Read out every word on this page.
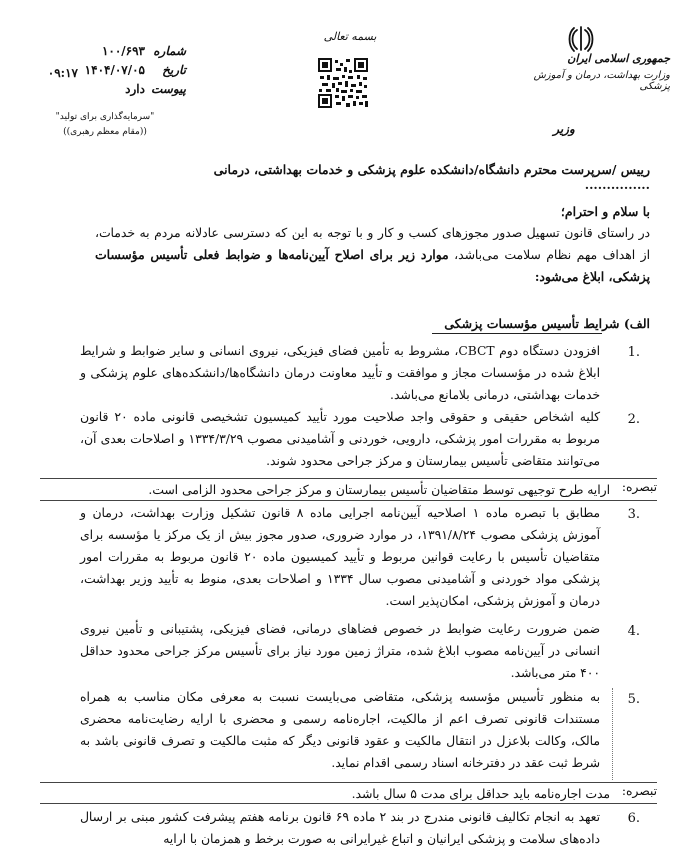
بسمه تعالی
جمهوری اسلامی ایران
وزارت بهداشت، درمان و آموزش پزشکی
وزیر
شماره
۱۰۰/۶۹۳
تاریخ
۱۴۰۴/۰۷/۰۵
۰۹:۱۷
پیوست
دارد
"سرمایه‌گذاری برای تولید"
((مقام معظم رهبری))
رییس /سرپرست محترم دانشگاه/دانشکده علوم پزشکی و خدمات بهداشتی، درمانی ...............
با سلام و احترام؛
در راستای قانون تسهیل صدور مجوزهای کسب و کار و با توجه به این که دسترسی عادلانه مردم به خدمات، از اهداف مهم نظام سلامت می‌باشد، موارد زیر برای اصلاح آیین‌نامه‌ها و ضوابط فعلی تأسیس مؤسسات پزشکی، ابلاغ می‌شود:
الف) شرایط تأسیس مؤسسات پزشکی
1.
افزودن دستگاه دوم CBCT، مشروط به تأمین فضای فیزیکی، نیروی انسانی و سایر ضوابط و شرایط ابلاغ شده در مؤسسات مجاز و موافقت و تأیید معاونت درمان دانشگاه‌ها/دانشکده‌های علوم پزشکی و خدمات بهداشتی، درمانی بلامانع می‌باشد.
2.
کلیه اشخاص حقیقی و حقوقی واجد صلاحیت مورد تأیید کمیسیون تشخیصی قانونی ماده ۲۰ قانون مربوط به مقررات امور پزشکی، دارویی، خوردنی و آشامیدنی مصوب ۱۳۳۴/۳/۲۹ و اصلاحات بعدی آن، می‌توانند متقاضی تأسیس بیمارستان و مرکز جراحی محدود شوند.
تبصره:
ارایه طرح توجیهی توسط متقاضیان تأسیس بیمارستان و مرکز جراحی محدود الزامی است.
3.
مطابق با تبصره ماده ۱ اصلاحیه آیین‌نامه اجرایی ماده ۸ قانون تشکیل وزارت بهداشت، درمان و آموزش پزشکی مصوب ۱۳۹۱/۸/۲۴، در موارد ضروری، صدور مجوز بیش از یک مرکز یا مؤسسه برای متقاضیان تأسیس با رعایت قوانین مربوط و تأیید کمیسیون ماده ۲۰ قانون مربوط به مقررات امور پزشکی مواد خوردنی و آشامیدنی مصوب سال ۱۳۳۴ و اصلاحات بعدی، منوط به تأیید وزیر بهداشت، درمان و آموزش پزشکی، امکان‌پذیر است.
4.
ضمن ضرورت رعایت ضوابط در خصوص فضاهای درمانی، فضای فیزیکی، پشتیبانی و تأمین نیروی انسانی در آیین‌نامه مصوب ابلاغ شده، متراژ زمین مورد نیاز برای تأسیس مرکز جراحی محدود حداقل ۴۰۰ متر می‌باشد.
5.
به منظور تأسیس مؤسسه پزشکی، متقاضی می‌بایست نسبت به معرفی مکان مناسب به همراه مستندات قانونی تصرف اعم از مالکیت، اجاره‌نامه رسمی و محضری با ارایه رضایت‌نامه محضری مالک، وکالت بلاعزل در انتقال مالکیت و عقود قانونی دیگر که مثبت مالکیت و تصرف قانونی باشد به شرط ثبت عقد در دفترخانه اسناد رسمی اقدام نماید.
تبصره:
مدت اجاره‌نامه باید حداقل برای مدت ۵ سال باشد.
6.
تعهد به انجام تکالیف قانونی مندرج در بند ۲ ماده ۶۹ قانون برنامه هفتم پیشرفت کشور مبنی بر ارسال داده‌های سلامت و پزشکی ایرانیان و اتباع غیرایرانی به صورت برخط و همزمان با ارایه
